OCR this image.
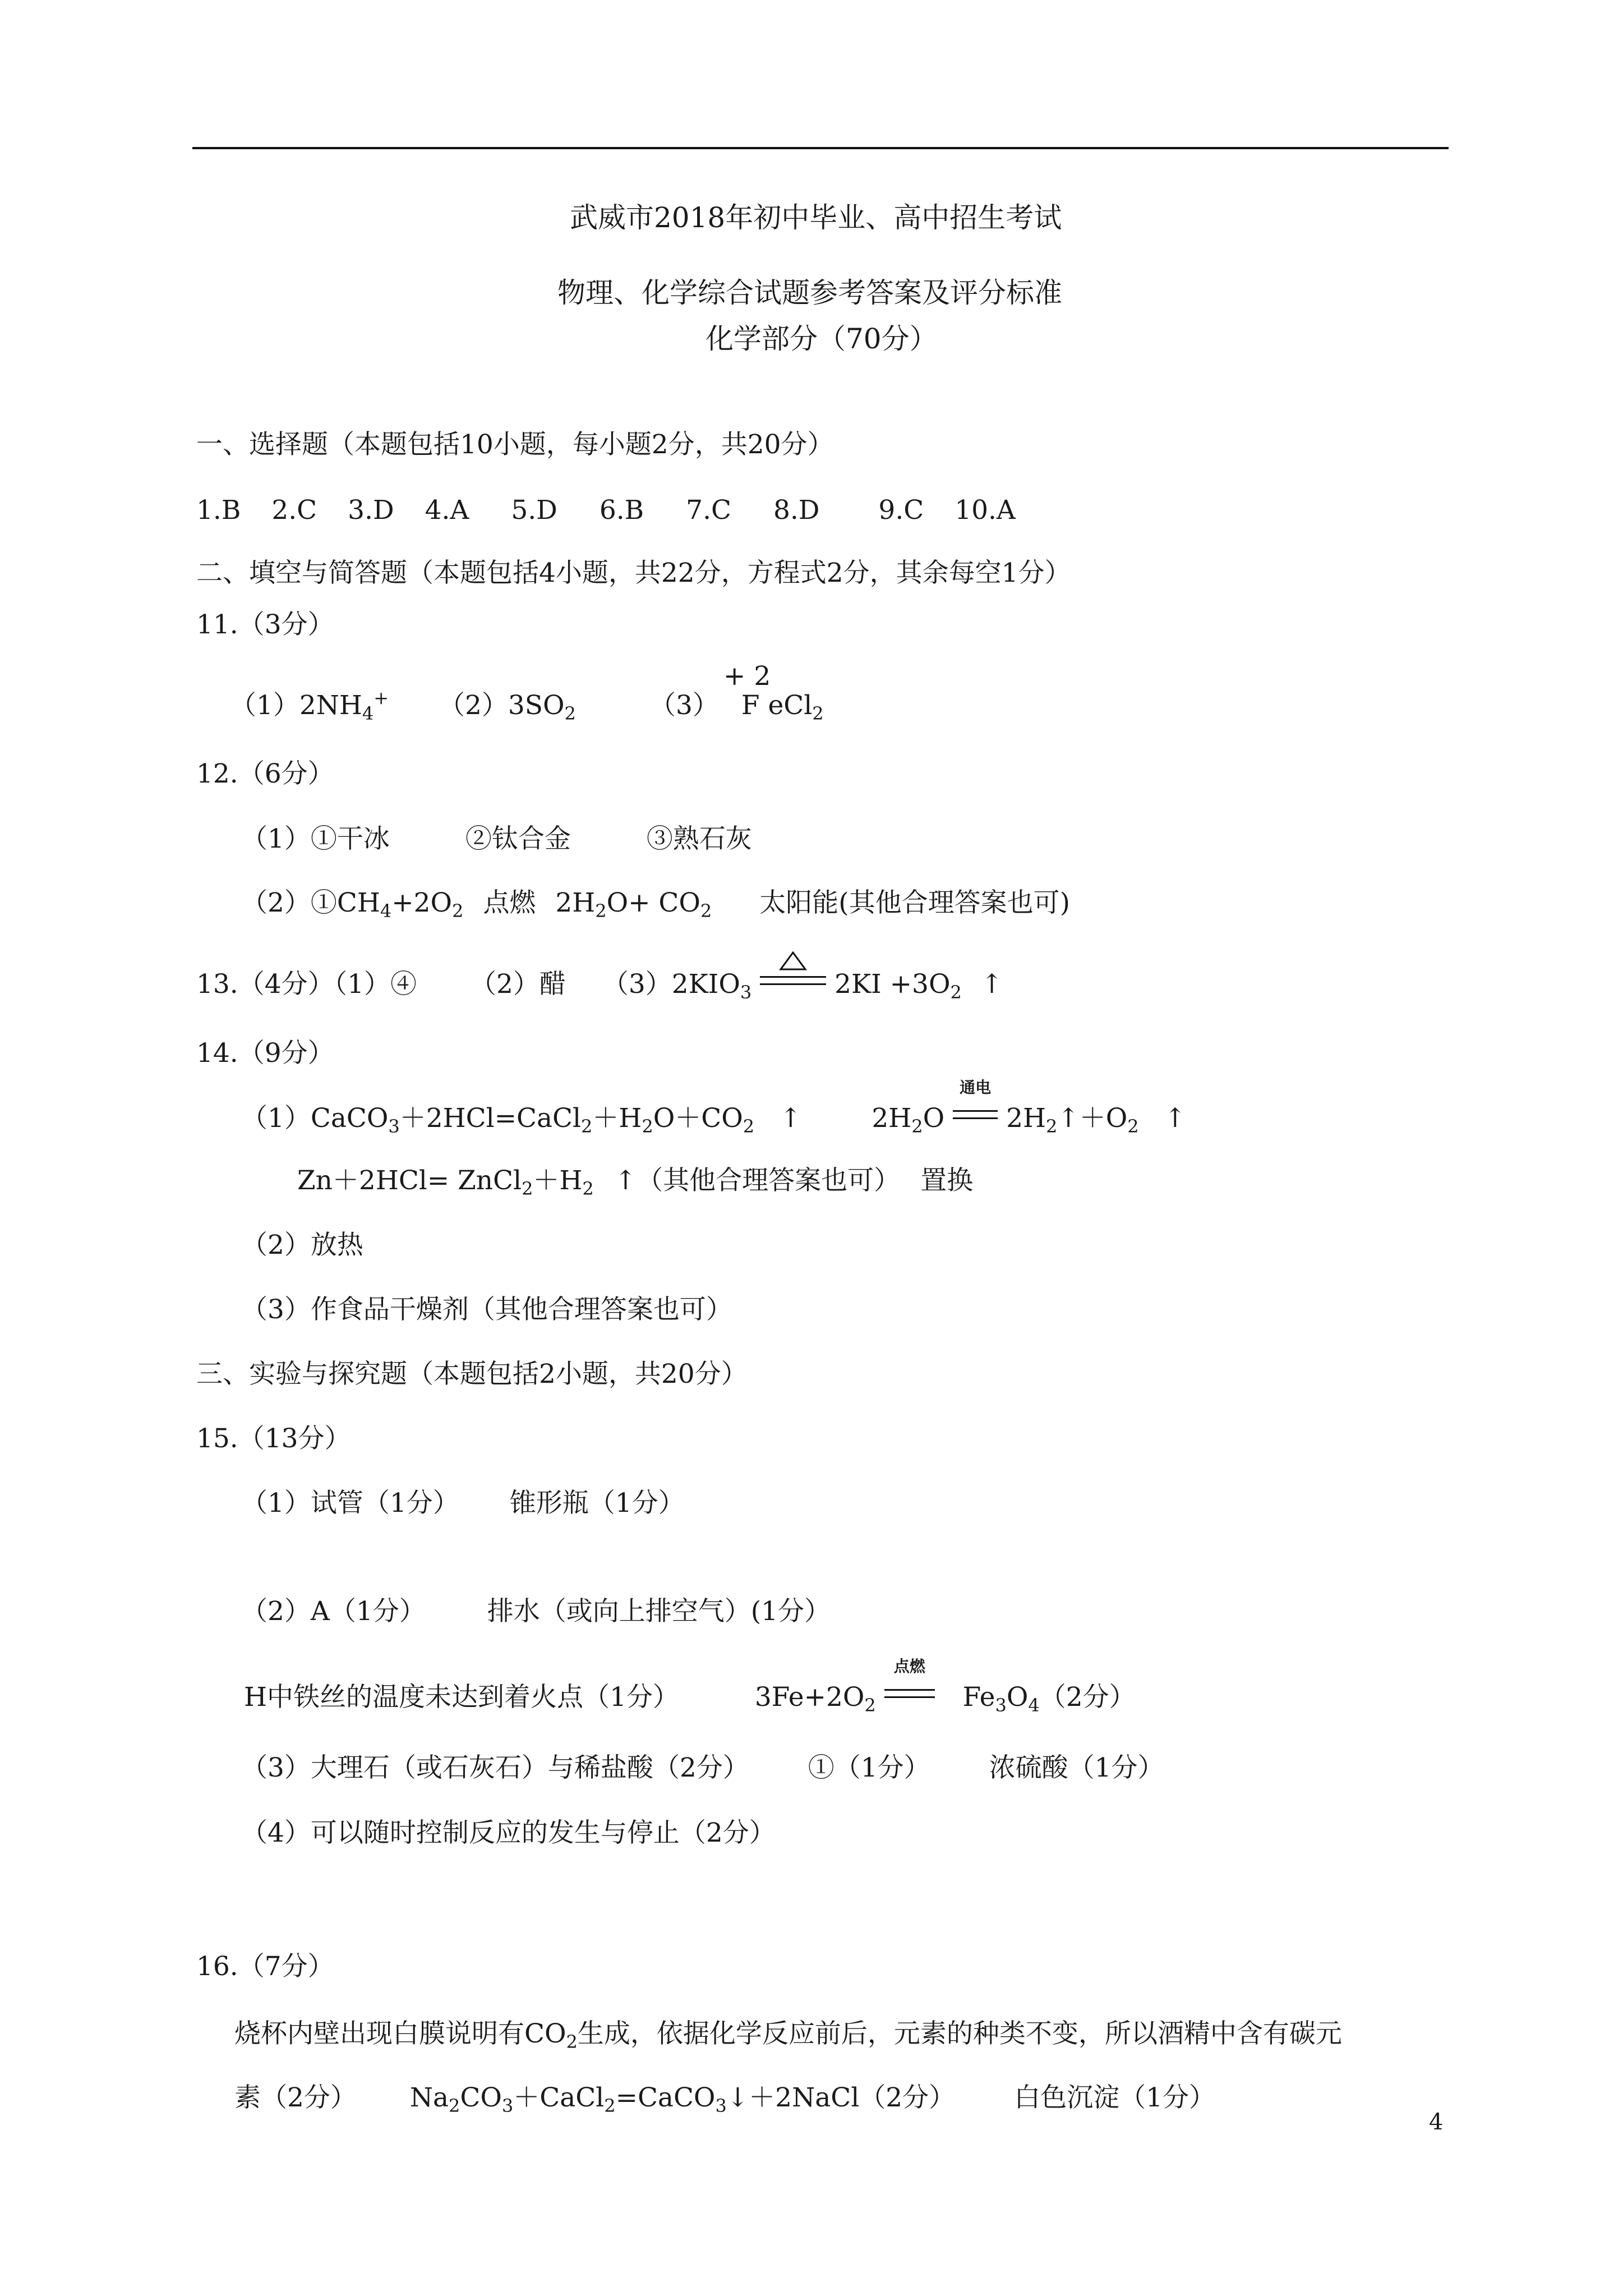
武威市2018年初中毕业、高中招生考试
物理、化学综合试题参考答案及评分标准
化学部分（70分）
一、选择题（本题包括10小题，每小题2分，共20分）
1.B 2.C 3.D 4.A 5.D 6.B 7.C 8.D 9.C 10.A
二、填空与简答题（本题包括4小题，共22分，方程式2分，其余每空1分）
11.（3分）
$(1)2NH_4^+$ $(2)3SO_2$	（3） F eCl$_2$
+ 2
12.（6分）
（1）①干冰	②钛合金	③熟石灰
$(2)①CH_4+2O_2$ 点燃 $2H_2O+ CO_2$ 太阳能(其他合理答案也可)
13.（4分）（1）④ （2）醋 $(3)2KIO_3$	$2KI +3O_2$ ↑
14.（9分）
$(1)CaCO_3+2HCl=CaCl_2+H_2O+CO_2$ ↑	$2H_2O$
通电
$2H_2↑+O_2$ ↑
$Zn+2HCl= ZnCl_2+H_2$ ↑（其他合理答案也可） 置换
（2）放热
（3）作食品干燥剂（其他合理答案也可）
三、实验与探究题（本题包括2小题，共20分）
15.（13分）
（1）试管（1分） 锥形瓶（1分）
（2）A（1分） 排水（或向上排空气）(1分）
H中铁丝的温度未达到着火点（1分）	$3Fe+2O_2$
点燃
$Fe_3O_4(2$分）
（3）大理石（或石灰石）与稀盐酸（2分） ①（1分） 浓硫酸（1分）
（4）可以随时控制反应的发生与停止（2分）
16.（7分）
烧杯内壁出现白膜说明有$CO_2$生成，依据化学反应前后，元素的种类不变，所以酒精中含有碳元
素（2分） $Na_2CO_3+CaCl_2=CaCO_3↓+2NaCl(2$分） 白色沉淀（1分）
4
